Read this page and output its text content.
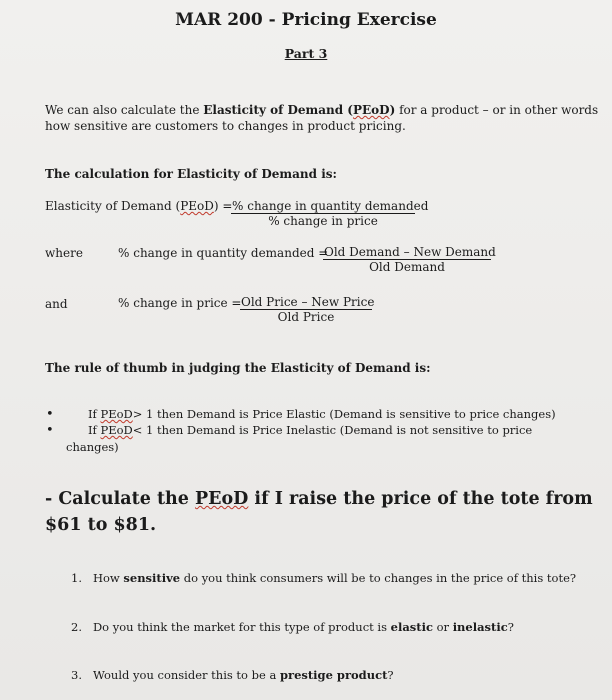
MAR 200 - Pricing Exercise
Part 3
We can also calculate the Elasticity of Demand (PEoD) for a product – or in other words
how sensitive are customers to changes in product pricing.
The calculation for Elasticity of Demand is:
Elasticity of Demand (PEoD) = % change in quantity demanded
% change in price
where	% change in quantity demanded =
Old Demand – New Demand
Old Demand
and	% change in price = Old Price – New Price
Old Price
The rule of thumb in judging the Elasticity of Demand is:
•	If PEoD> 1 then Demand is Price Elastic (Demand is sensitive to price changes)
•	If PEoD< 1 then Demand is Price Inelastic (Demand is not sensitive to price
changes)
- Calculate the PEoD if I raise the price of the tote from
$61 to $81.
1. How sensitive do you think consumers will be to changes in the price of this tote?
2. Do you think the market for this type of product is elastic or inelastic?
3. Would you consider this to be a prestige product?
